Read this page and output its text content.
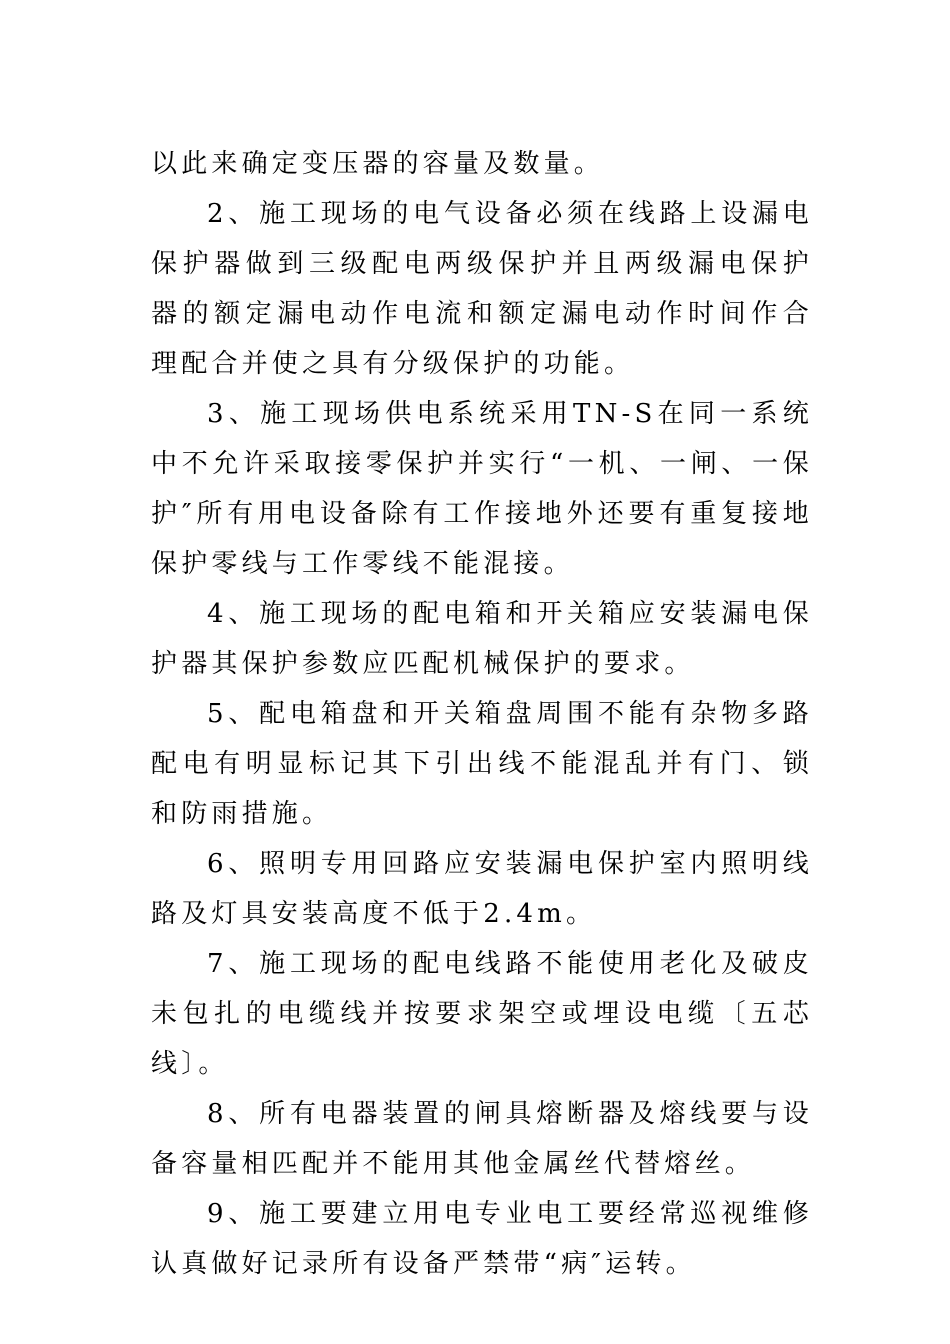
以此来确定变压器的容量及数量。

2、施工现场的电气设备必须在线路上设漏电保护器做到三级配电两级保护并且两级漏电保护器的额定漏电动作电流和额定漏电动作时间作合理配合并使之具有分级保护的功能。

3、施工现场供电系统采用TN-S在同一系统中不允许采取接零保护并实行“一机、一闸、一保护″所有用电设备除有工作接地外还要有重复接地保护零线与工作零线不能混接。

4、施工现场的配电箱和开关箱应安装漏电保护器其保护参数应匹配机械保护的要求。

5、配电箱盘和开关箱盘周围不能有杂物多路配电有明显标记其下引出线不能混乱并有门、锁和防雨措施。

6、照明专用回路应安装漏电保护室内照明线路及灯具安装高度不低于2.4m。

7、施工现场的配电线路不能使用老化及破皮未包扎的电缆线并按要求架空或埋设电缆〔五芯线〕。

8、所有电器装置的闸具熔断器及熔线要与设备容量相匹配并不能用其他金属丝代替熔丝。

9、施工要建立用电专业电工要经常巡视维修认真做好记录所有设备严禁带“病″运转。
